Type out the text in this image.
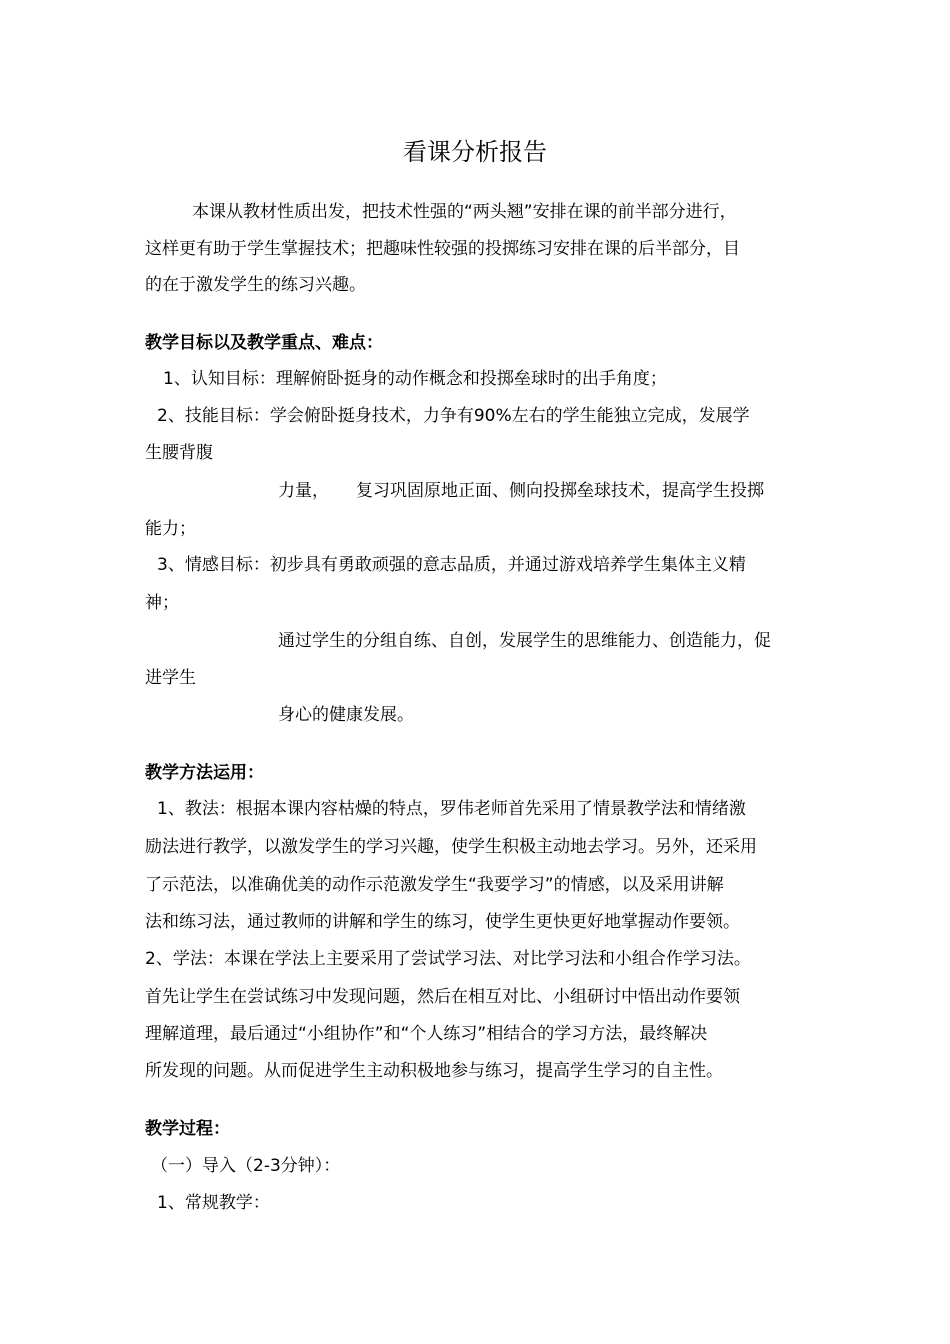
看课分析报告
本课从教材性质出发，把技术性强的“两头翘”安排在课的前半部分进行，
这样更有助于学生掌握技术；把趣味性较强的投掷练习安排在课的后半部分，目
的在于激发学生的练习兴趣。
教学目标以及教学重点、难点：
1、认知目标：理解俯卧挺身的动作概念和投掷垒球时的出手角度；
2、技能目标：学会俯卧挺身技术，力争有90%左右的学生能独立完成，发展学
生腰背腹
力量，     复习巩固原地正面、侧向投掷垒球技术，提高学生投掷
能力；
3、情感目标：初步具有勇敢顽强的意志品质，并通过游戏培养学生集体主义精
神；
通过学生的分组自练、自创，发展学生的思维能力、创造能力，促
进学生
身心的健康发展。
教学方法运用：
1、教法：根据本课内容枯燥的特点，罗伟老师首先采用了情景教学法和情绪激
励法进行教学，以激发学生的学习兴趣，使学生积极主动地去学习。另外，还采用
了示范法，以准确优美的动作示范激发学生“我要学习”的情感，以及采用讲解
法和练习法，通过教师的讲解和学生的练习，使学生更快更好地掌握动作要领。
2、学法：本课在学法上主要采用了尝试学习法、对比学习法和小组合作学习法。
首先让学生在尝试练习中发现问题，然后在相互对比、小组研讨中悟出动作要领
理解道理，最后通过“小组协作”和“个人练习”相结合的学习方法，最终解决
所发现的问题。从而促进学生主动积极地参与练习，提高学生学习的自主性。
教学过程：
（一）导入（2-3分钟）：
1、常规教学：
